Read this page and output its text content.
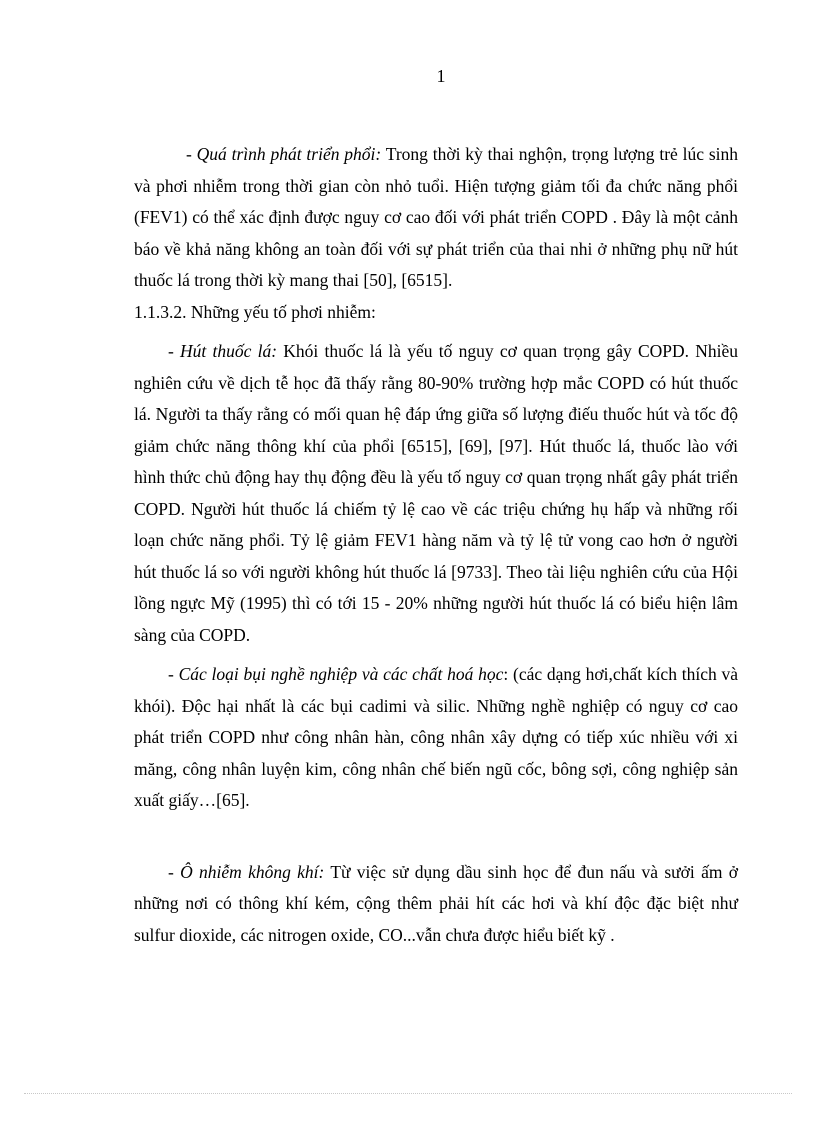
1

- Quá trình phát triển phổi: Trong thời kỳ thai nghộn, trọng lượng trẻ lúc sinh và phơi nhiễm trong thời gian còn nhỏ tuổi. Hiện tượng giảm tối đa chức năng phổi (FEV1) có thể xác định được nguy cơ cao đối với phát triển COPD . Đây là một cảnh báo về khả năng không an toàn đối với sự phát triển của thai nhi ở những phụ nữ hút thuốc lá trong thời kỳ mang thai [50], [6515].

1.1.3.2. Những yếu tố phơi nhiễm:

- Hút thuốc lá: Khói thuốc lá là yếu tố nguy cơ quan trọng gây COPD. Nhiều nghiên cứu về dịch tễ học đã thấy rằng 80-90% trường hợp mắc COPD có hút thuốc lá. Người ta thấy rằng có mối quan hệ đáp ứng giữa số lượng điếu thuốc hút và tốc độ giảm chức năng thông khí của phổi [6515], [69], [97]. Hút thuốc lá, thuốc lào với hình thức chủ động hay thụ động đều là yếu tố nguy cơ quan trọng nhất gây phát triển COPD. Người hút thuốc lá chiếm tỷ lệ cao về các triệu chứng hụ hấp và những rối loạn chức năng phổi. Tỷ lệ giảm FEV1 hàng năm và tỷ lệ tử vong cao hơn ở người hút thuốc lá so với người không hút thuốc lá [9733]. Theo tài liệu nghiên cứu của Hội lồng ngực Mỹ (1995) thì có tới 15 - 20% những người hút thuốc lá có biểu hiện lâm sàng của COPD.

- Các loại bụi nghề nghiệp và các chất hoá học: (các dạng hơi,chất kích thích và khói). Độc hại nhất là các bụi cadimi và silic. Những nghề nghiệp có nguy cơ cao phát triển COPD như công nhân hàn, công nhân xây dựng có tiếp xúc nhiều với xi măng, công nhân luyện kim, công nhân chế biến ngũ cốc, bông sợi, công nghiệp sản xuất giấy…[65].

- Ô nhiễm không khí: Từ việc sử dụng dầu sinh học để đun nấu và sưởi ấm ở những nơi có thông khí kém, cộng thêm phải hít các hơi và khí độc đặc biệt như sulfur dioxide, các nitrogen oxide, CO...vẫn chưa được hiểu biết kỹ .
